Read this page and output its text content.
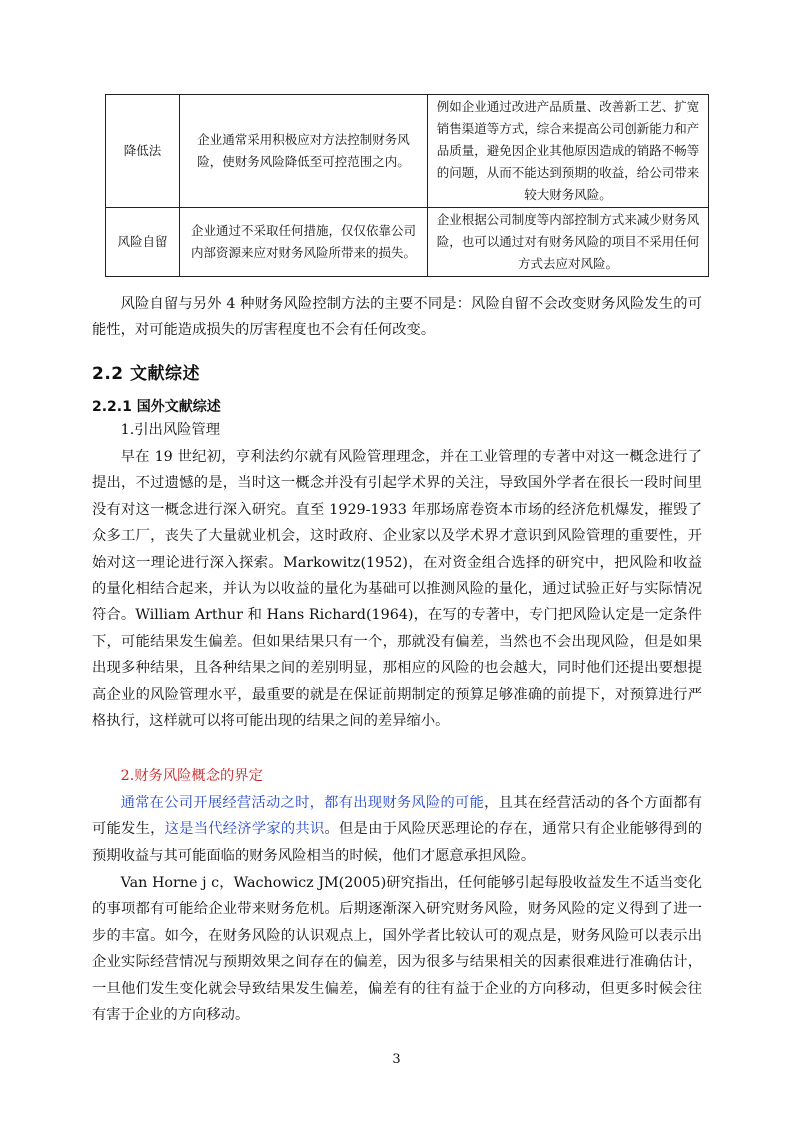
降低法	企业通常采用积极应对方法控制财务风险，使财务风险降低至可控范围之内。	例如企业通过改进产品质量、改善新工艺、扩宽销售渠道等方式，综合来提高公司创新能力和产品质量，避免因企业其他原因造成的销路不畅等的问题，从而不能达到预期的收益，给公司带来较大财务风险。
风险自留	企业通过不采取任何措施，仅仅依靠公司内部资源来应对财务风险所带来的损失。	企业根据公司制度等内部控制方式来减少财务风险，也可以通过对有财务风险的项目不采用任何方式去应对风险。
风险自留与另外 4 种财务风险控制方法的主要不同是：风险自留不会改变财务风险发生的可能性，对可能造成损失的厉害程度也不会有任何改变。
2.2 文献综述
2.2.1 国外文献综述
1.引出风险管理
早在 19 世纪初，亨利法约尔就有风险管理理念，并在工业管理的专著中对这一概念进行了提出，不过遗憾的是，当时这一概念并没有引起学术界的关注，导致国外学者在很长一段时间里没有对这一概念进行深入研究。直至 1929-1933 年那场席卷资本市场的经济危机爆发，摧毁了众多工厂，丧失了大量就业机会，这时政府、企业家以及学术界才意识到风险管理的重要性，开始对这一理论进行深入探索。Markowitz(1952)，在对资金组合选择的研究中，把风险和收益的量化相结合起来，并认为以收益的量化为基础可以推测风险的量化，通过试验正好与实际情况符合。William Arthur 和 Hans Richard(1964)，在写的专著中，专门把风险认定是一定条件下，可能结果发生偏差。但如果结果只有一个，那就没有偏差，当然也不会出现风险，但是如果出现多种结果，且各种结果之间的差别明显，那相应的风险的也会越大，同时他们还提出要想提高企业的风险管理水平，最重要的就是在保证前期制定的预算足够准确的前提下，对预算进行严格执行，这样就可以将可能出现的结果之间的差异缩小。
2.财务风险概念的界定
通常在公司开展经营活动之时，都有出现财务风险的可能，且其在经营活动的各个方面都有可能发生，这是当代经济学家的共识。但是由于风险厌恶理论的存在，通常只有企业能够得到的预期收益与其可能面临的财务风险相当的时候，他们才愿意承担风险。
Van Horne j c，Wachowicz JM(2005)研究指出，任何能够引起每股收益发生不适当变化的事项都有可能给企业带来财务危机。后期逐渐深入研究财务风险，财务风险的定义得到了进一步的丰富。如今，在财务风险的认识观点上，国外学者比较认可的观点是，财务风险可以表示出企业实际经营情况与预期效果之间存在的偏差，因为很多与结果相关的因素很难进行准确估计，一旦他们发生变化就会导致结果发生偏差，偏差有的往有益于企业的方向移动，但更多时候会往有害于企业的方向移动。
3
